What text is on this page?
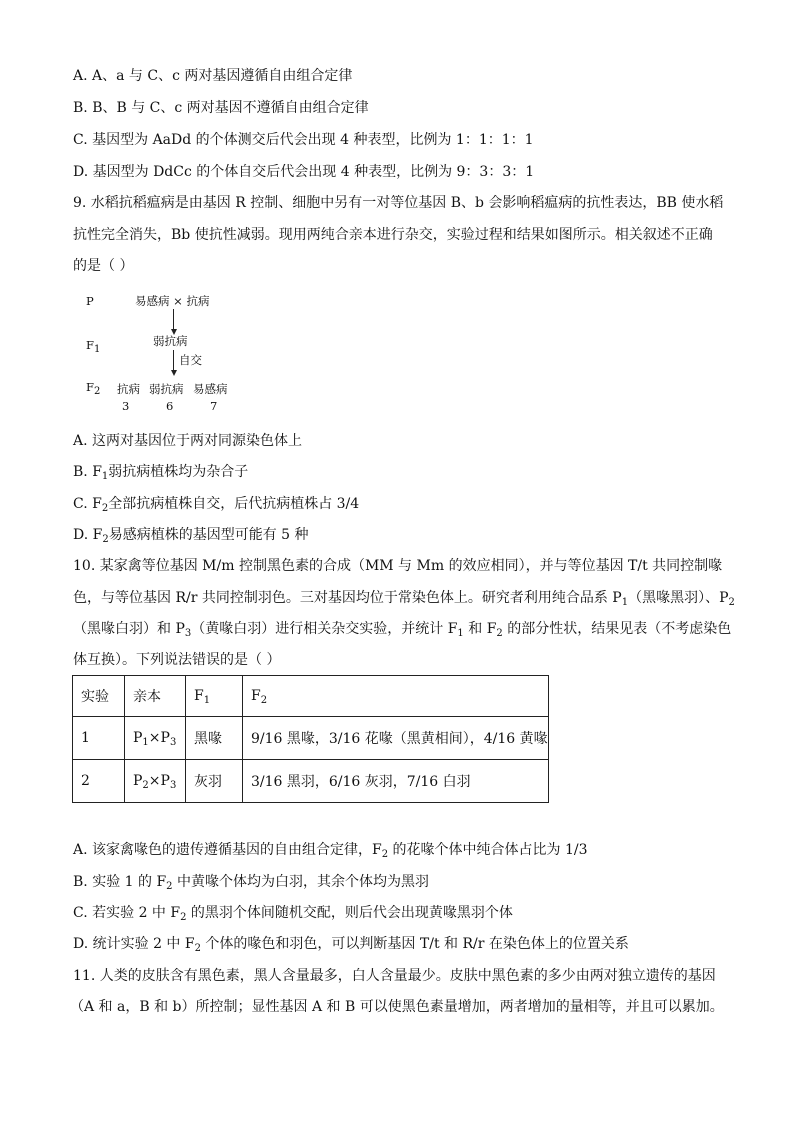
A. A、a 与 C、c 两对基因遵循自由组合定律
B. B、B 与 C、c 两对基因不遵循自由组合定律
C. 基因型为 AaDd 的个体测交后代会出现 4 种表型，比例为 1：1：1：1
D. 基因型为 DdCc 的个体自交后代会出现 4 种表型，比例为 9：3：3：1
9. 水稻抗稻瘟病是由基因 R 控制、细胞中另有一对等位基因 B、b 会影响稻瘟病的抗性表达，BB 使水稻
抗性完全消失，Bb 使抗性减弱。现用两纯合亲本进行杂交，实验过程和结果如图所示。相关叙述不正确
的是（ ）
P	易感病 × 抗病
$F_1$
弱抗病
自交
$F_2$ 抗病 弱抗病 易感病
3	6	7
A. 这两对基因位于两对同源染色体上
B. $F_1$弱抗病植株均为杂合子
C. $F_2$全部抗病植株自交，后代抗病植株占 3/4
D. $F_2$易感病植株的基因型可能有 5 种
10. 某家禽等位基因 M/m 控制黑色素的合成（MM 与 Mm 的效应相同），并与等位基因 T/t 共同控制喙
色，与等位基因 R/r 共同控制羽色。三对基因均位于常染色体上。研究者利用纯合品系 $P_1$（黑喙黑羽）、$P_2$
（黑喙白羽）和 $P_3$（黄喙白羽）进行相关杂交实验，并统计 $F_1$ 和 $F_2$ 的部分性状，结果见表（不考虑染色
体互换）。下列说法错误的是（ ）
实验	亲本	$F_1$	$F_2$
1	$P_1\times P_3$	黑喙	9/16 黑喙，3/16 花喙（黑黄相间），4/16 黄喙
2	$P_2\times P_3$	灰羽	3/16 黑羽，6/16 灰羽，7/16 白羽
A. 该家禽喙色的遗传遵循基因的自由组合定律，$F_2$ 的花喙个体中纯合体占比为 1/3
B. 实验 1 的 $F_2$ 中黄喙个体均为白羽，其余个体均为黑羽
C. 若实验 2 中 $F_2$ 的黑羽个体间随机交配，则后代会出现黄喙黑羽个体
D. 统计实验 2 中 $F_2$ 个体的喙色和羽色，可以判断基因 T/t 和 R/r 在染色体上的位置关系
11. 人类的皮肤含有黑色素，黑人含量最多，白人含量最少。皮肤中黑色素的多少由两对独立遗传的基因
（A 和 a，B 和 b）所控制；显性基因 A 和 B 可以使黑色素量增加，两者增加的量相等，并且可以累加。
